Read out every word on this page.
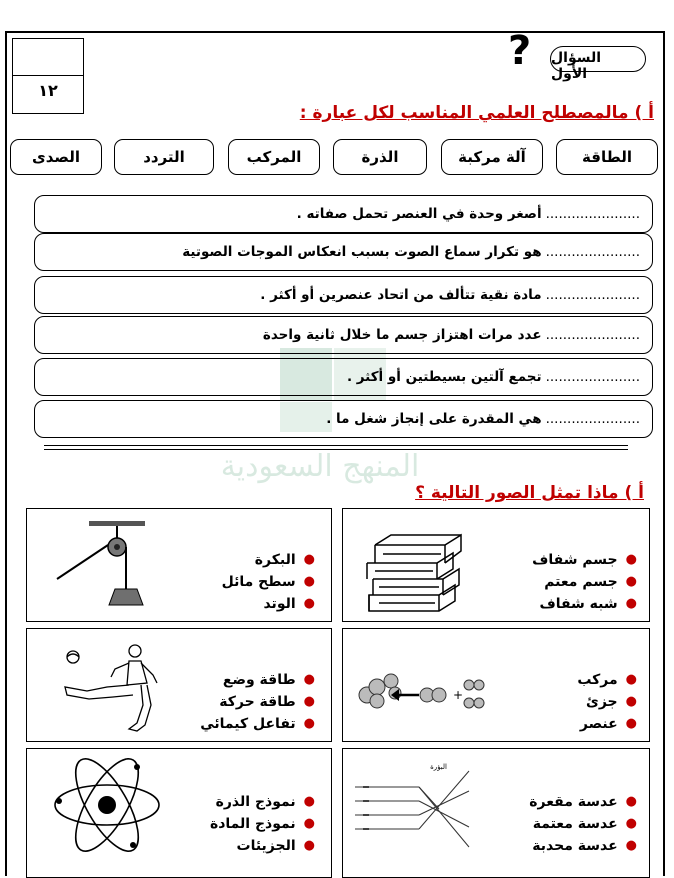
١٢
السؤال الأول
?
أ ) مالمصطلح العلمي المناسب لكل عبارة :
الطاقة
آلة مركبة
الذرة
المركب
التردد
الصدى
المنهج السعودية
......................
أصغر وحدة في العنصر تحمل صفاته .
......................
هو تكرار سماع الصوت بسبب انعكاس الموجات الصوتية
......................
مادة نقية تتألف من اتحاد عنصرين أو أكثر .
......................
عدد مرات اهتزاز جسم ما خلال ثانية واحدة
......................
تجمع آلتين بسيطتين أو أكثر .
......................
هي المقدرة على إنجاز شغل ما .
أ ) ماذا تمثل الصور التالية ؟
●
جسم شفاف
●
جسم معتم
●
شبه شفاف
●
البكرة
●
سطح مائل
●
الوتد
+
●
مركب
●
جزئ
●
عنصر
●
طاقة وضع
●
طاقة حركة
●
تفاعل كيمائي
البؤرة
●
عدسة مقعرة
●
عدسة معتمة
●
عدسة محدبة
●
نموذج الذرة
●
نموذج المادة
●
الجزيئات
